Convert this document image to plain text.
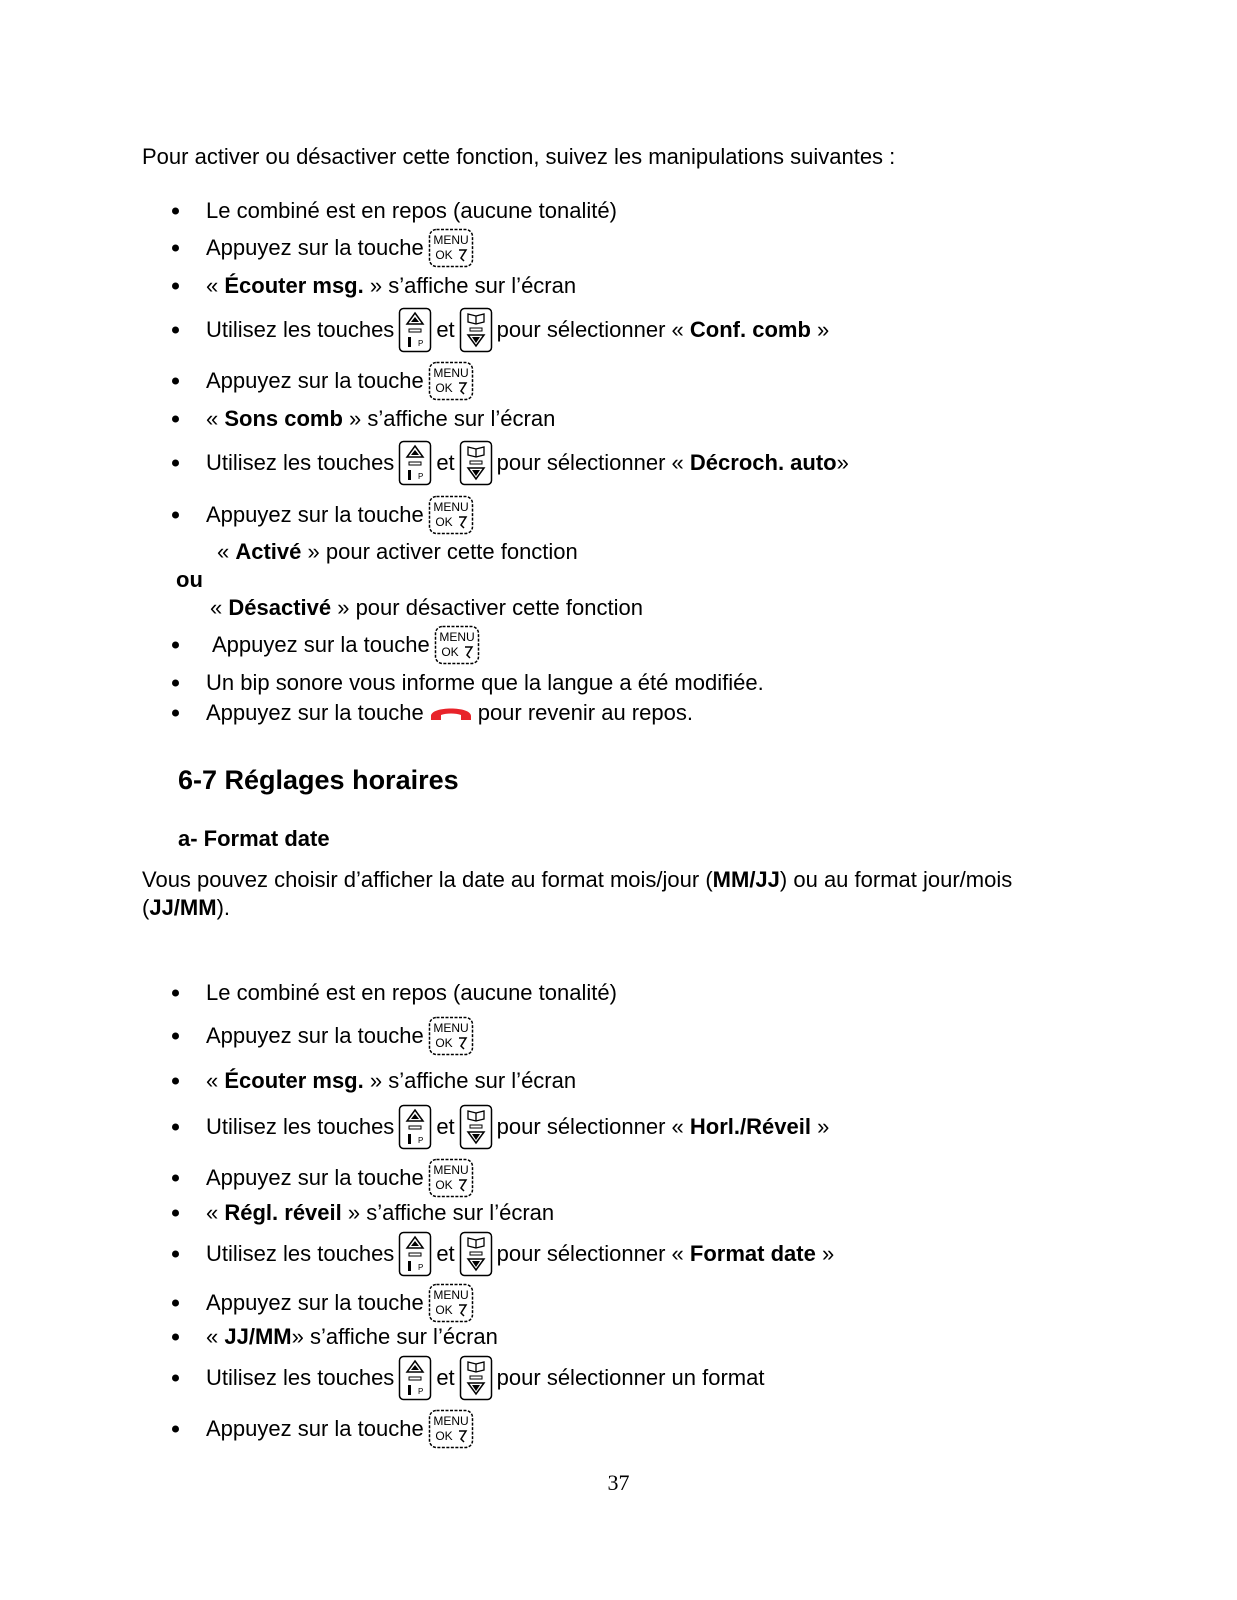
Pour activer ou désactiver cette fonction, suivez les manipulations suivantes :
Le combiné est en repos (aucune tonalité)
Appuyez sur la touche MENU
OK
« Écouter msg. » s’affiche sur l’écran
Utilisez les touches
P
et pour sélectionner « Conf. comb »
Appuyez sur la touche MENU
OK
« Sons comb » s’affiche sur l’écran
Utilisez les touches
P
et pour sélectionner « Décroch. auto »
Appuyez sur la touche MENU
OK
« Activé » pour activer cette fonction
ou
« Désactivé » pour désactiver cette fonction
Appuyez sur la touche MENU
OK
Un bip sonore vous informe que la langue a été modifiée.
Appuyez sur la touche pour revenir au repos.
6-7 Réglages horaires
a- Format date
Vous pouvez choisir d’afficher la date au format mois/jour (MM/JJ) ou au format jour/mois (JJ/MM).
Le combiné est en repos (aucune tonalité)
Appuyez sur la touche MENU
OK
« Écouter msg. » s’affiche sur l’écran
Utilisez les touches
P
et pour sélectionner « Horl./Réveil »
Appuyez sur la touche MENU
OK
« Régl. réveil » s’affiche sur l’écran
Utilisez les touches
P
et pour sélectionner « Format date »
Appuyez sur la touche MENU
OK
« JJ/MM » s’affiche sur l’écran
Utilisez les touches
P
et pour sélectionner un format
Appuyez sur la touche MENU
OK
37
